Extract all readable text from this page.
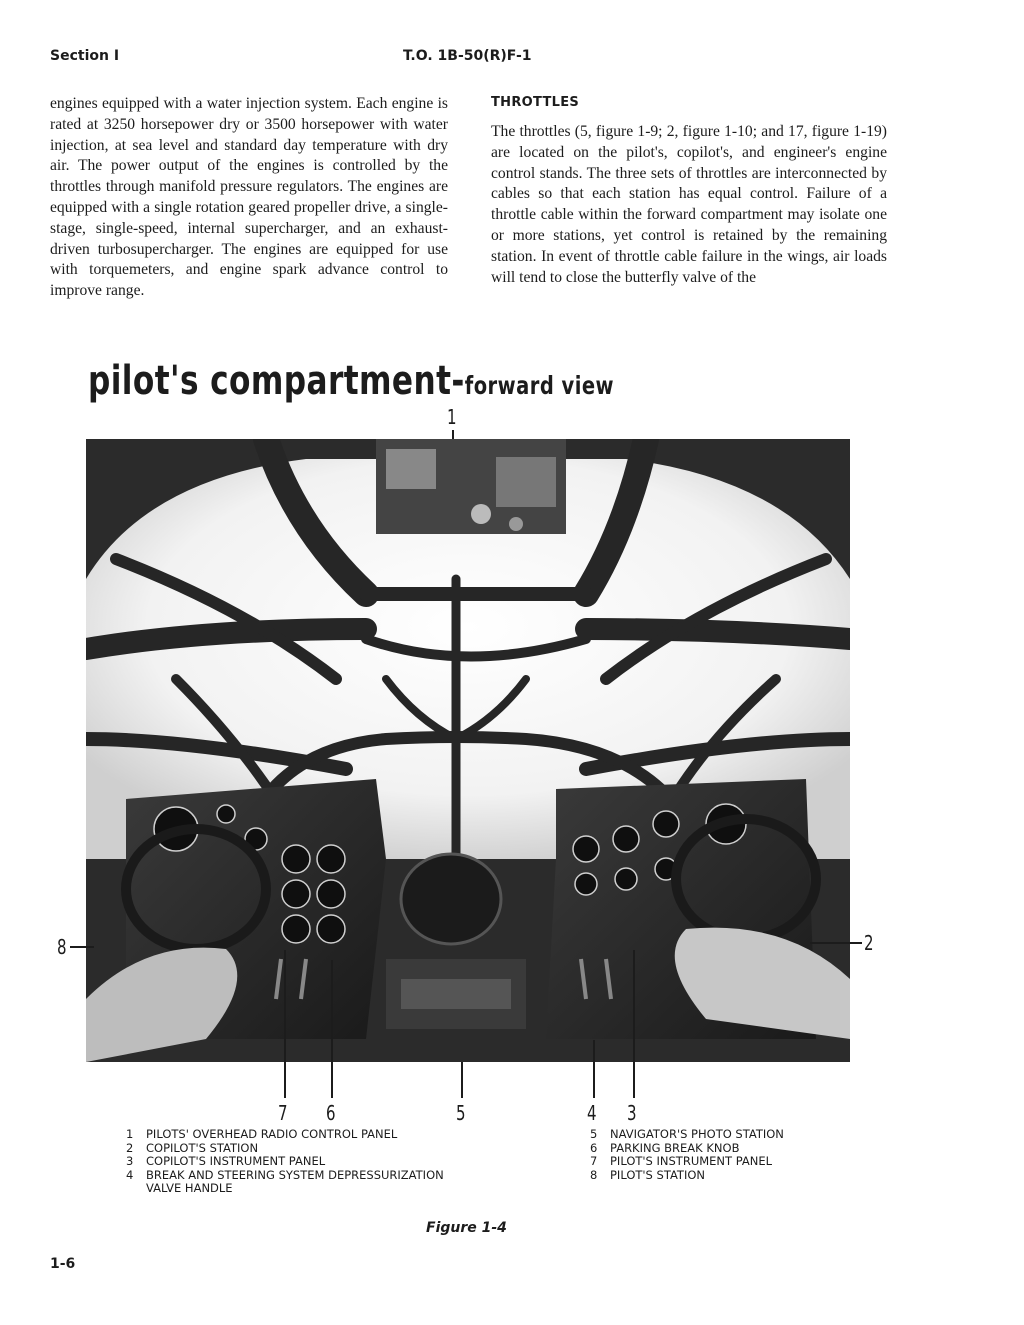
Section I	T.O. 1B-50(R)F-1

engines equipped with a water injection system. Each engine is rated at 3250 horsepower dry or 3500 horsepower with water injection, at sea level and standard day temperature with dry air. The power output of the engines is controlled by the throttles through manifold pressure regulators. The engines are equipped with a single rotation geared propeller drive, a single-stage, single-speed, internal supercharger, and an exhaust-driven turbosupercharger. The engines are equipped for use with torquemeters, and engine spark advance control to improve range.

THROTTLES

The throttles (5, figure 1-9; 2, figure 1-10; and 17, figure 1-19) are located on the pilot's, copilot's, and engineer's engine control stands. The three sets of throttles are interconnected by cables so that each station has equal control. Failure of a throttle cable within the forward compartment may isolate one or more stations, yet control is retained by the remaining station. In event of throttle cable failure in the wings, air loads will tend to close the butterfly valve of the

pilot's compartment-forward view
1
8	2
7 6	5	4 3
1	PILOTS' OVERHEAD RADIO CONTROL PANEL
2	COPILOT'S STATION
3	COPILOT'S INSTRUMENT PANEL
4	BREAK AND STEERING SYSTEM DEPRESSURIZATION VALVE HANDLE
5	NAVIGATOR'S PHOTO STATION
6	PARKING BREAK KNOB
7	PILOT'S INSTRUMENT PANEL
8	PILOT'S STATION
Figure 1-4
1-6
